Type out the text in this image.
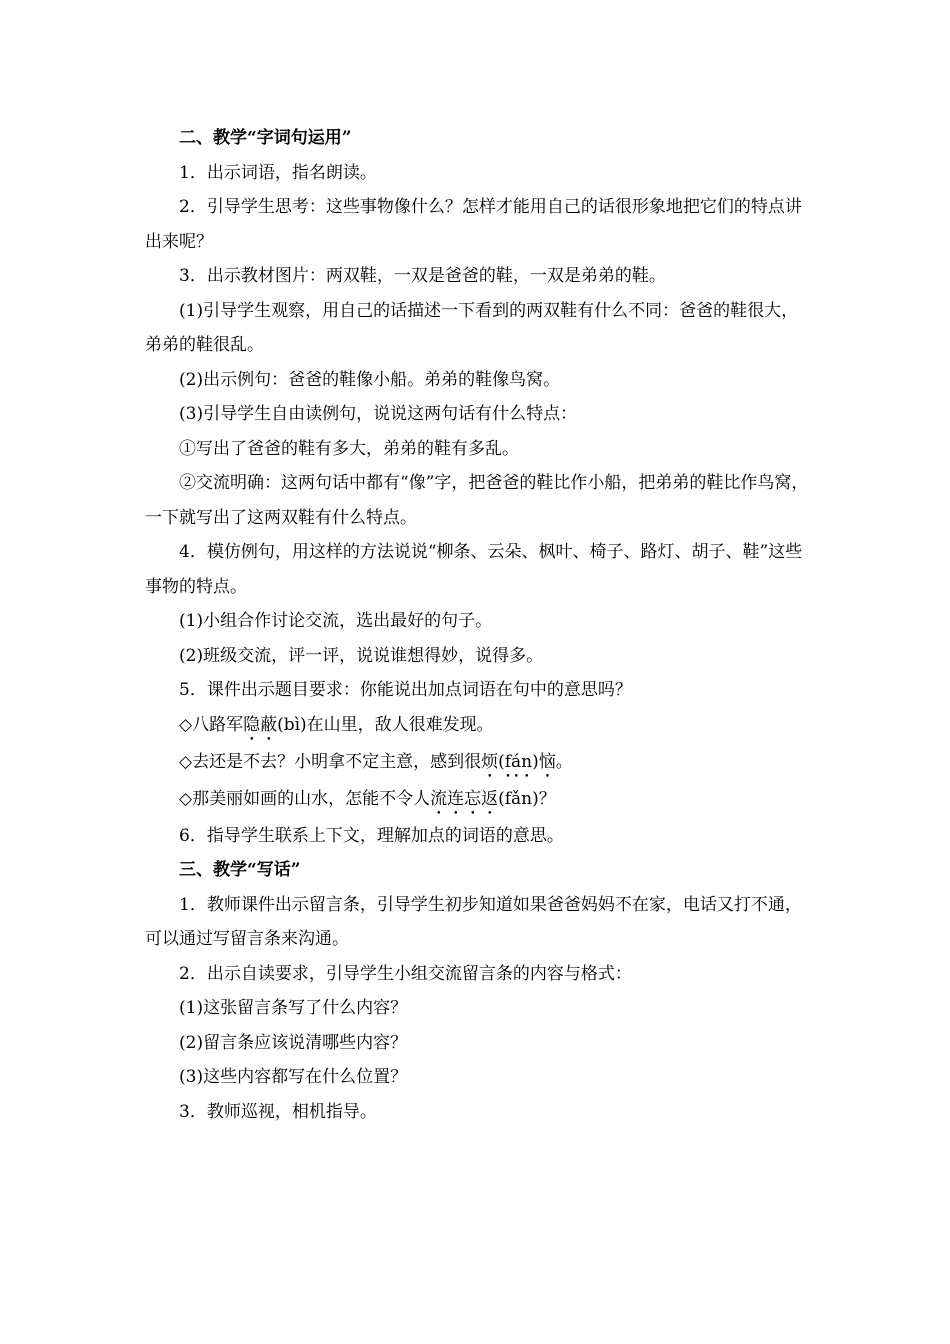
二、教学“字词句运用”

1．出示词语，指名朗读。

2．引导学生思考：这些事物像什么？怎样才能用自己的话很形象地把它们的特点讲出来呢？

3．出示教材图片：两双鞋，一双是爸爸的鞋，一双是弟弟的鞋。

(1)引导学生观察，用自己的话描述一下看到的两双鞋有什么不同：爸爸的鞋很大，弟弟的鞋很乱。

(2)出示例句：爸爸的鞋像小船。弟弟的鞋像鸟窝。

(3)引导学生自由读例句，说说这两句话有什么特点：

①写出了爸爸的鞋有多大，弟弟的鞋有多乱。

②交流明确：这两句话中都有“像”字，把爸爸的鞋比作小船，把弟弟的鞋比作鸟窝，一下就写出了这两双鞋有什么特点。

4．模仿例句，用这样的方法说说“柳条、云朵、枫叶、椅子、路灯、胡子、鞋”这些事物的特点。

(1)小组合作讨论交流，选出最好的句子。

(2)班级交流，评一评，说说谁想得妙，说得多。

5．课件出示题目要求：你能说出加点词语在句中的意思吗？

◇八路军隐蔽(bì)在山里，敌人很难发现。

◇去还是不去？小明拿不定主意，感到很烦(fán)恼。

◇那美丽如画的山水，怎能不令人流连忘返(fǎn)？

6．指导学生联系上下文，理解加点的词语的意思。

三、教学“写话”

1．教师课件出示留言条，引导学生初步知道如果爸爸妈妈不在家，电话又打不通，可以通过写留言条来沟通。

2．出示自读要求，引导学生小组交流留言条的内容与格式：

(1)这张留言条写了什么内容？

(2)留言条应该说清哪些内容？

(3)这些内容都写在什么位置？

3．教师巡视，相机指导。
